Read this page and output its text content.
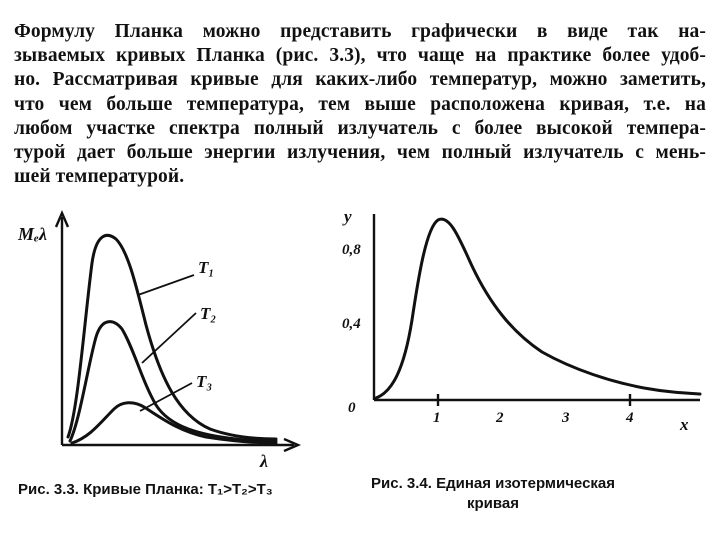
Формулу Планка можно представить графически в виде так на-
зываемых кривых Планка (рис. 3.3), что чаще на практике более удоб-
но. Рассматривая кривые для каких-либо температур, можно заметить,
что чем больше температура, тем выше расположена кривая, т.е. на
любом участке спектра полный излучатель с более высокой темпера-
турой дает больше энергии излучения, чем полный излучатель с мень-
шей температурой.
Mₑλ
λ
T₁
T₂
T₃
Рис. 3.3. Кривые Планка: T₁>T₂>T₃
y
x
0
0,8
0,4
1	2	3	4
Рис. 3.4. Единая изотермическая
кривая
